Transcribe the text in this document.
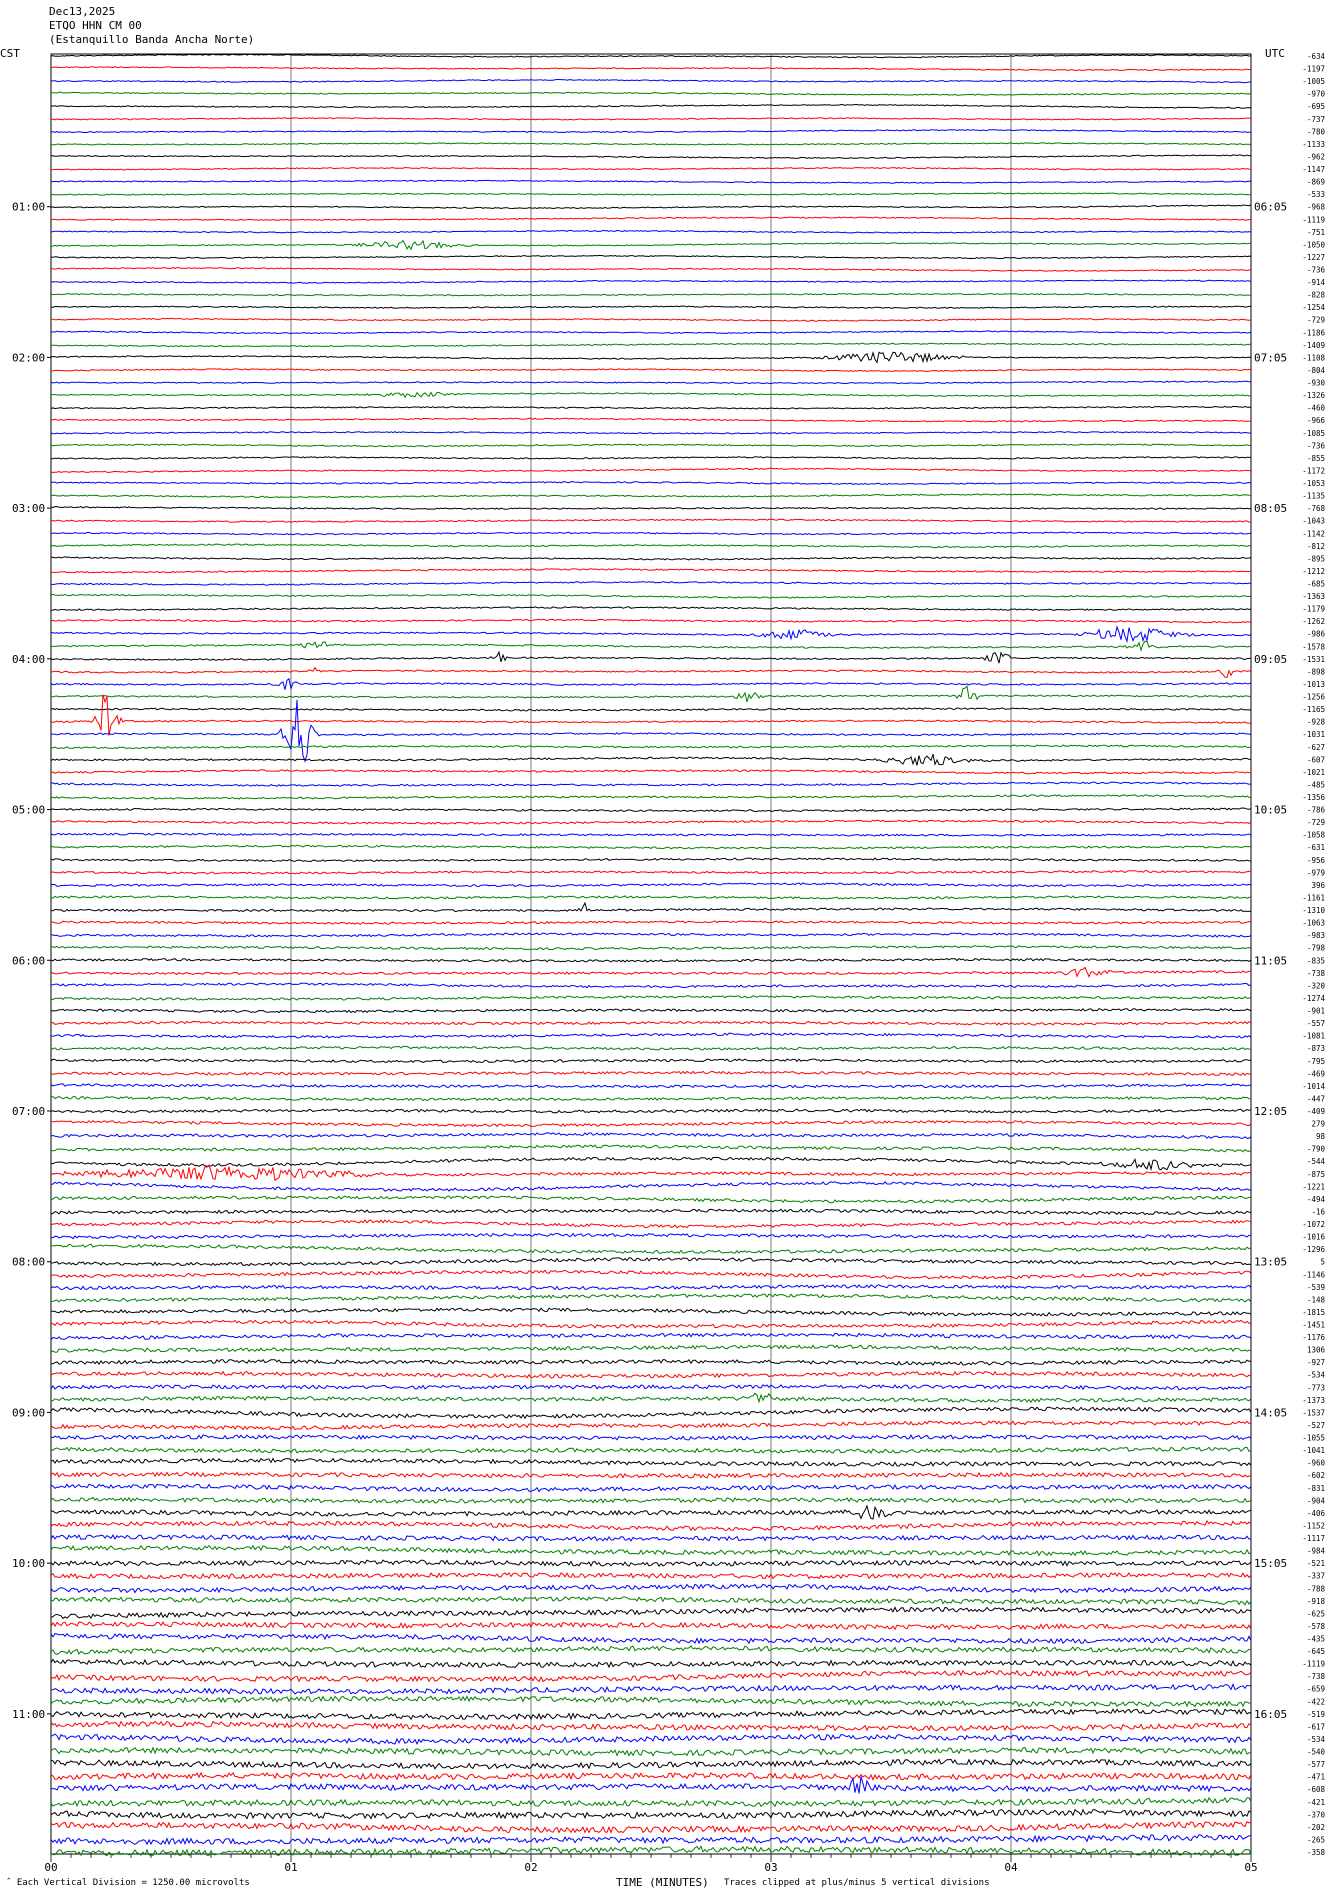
Dec13,2025
ETQO HHN CM 00
(Estanquillo Banda Ancha Norte)
00	01	02	03	04	05
CST	UTC	-634
-1197
-1005
-970
-695
-737
-780
-1133
-962
-1147
-869
-533
-968
-1119
-751
-1050
-1227
-736
-914
-828
-1254
-729
-1186
-1409
-1108
-804
-930
-1326
-460
-966
-1085
-736
-855
-1172
-1053
-1135
-768
-1043
-1142
-812
-895
-1212
-685
-1363
-1179
-1262
-986
-1578
-1531
-898
-1013
-1256
-1165
-928
-1031
-627
-607
-1021
-485
-1356
-786
-729
-1058
-631
-956
-979
396
-1161
-1310
-1063
-983
-798
-835
-738
-320
-1274
-901
-557
-1081
-873
-795
-469
-1014
-447
-409
279
98
-790
-544
-875
-1221
-494
-16
-1072
-1016
-1296
5
-1146
-539
-148
-1815
-1451
-1176
1306
-927
-534
-773
-1373
-1537
-527
-1055
-1041
-960
-602
-831
-904
-406
-1152
-1117
-984
-521
-337
-788
-918
-625
-578
-435
-645
-1119
-738
-659
-422
-519
-617
-534
-540
-577
-471
-608
-421
-370
-202
-265
-358
01:00
02:00
03:00
04:00
05:00
06:00
07:00
08:00
09:00
10:00
11:00
06:05
07:05
08:05
09:05
10:05
11:05
12:05
13:05
14:05
15:05
16:05
ˆ Each Vertical Division = 1250.00 microvolts	TIME (MINUTES) Traces clipped at plus/minus 5 vertical divisions
